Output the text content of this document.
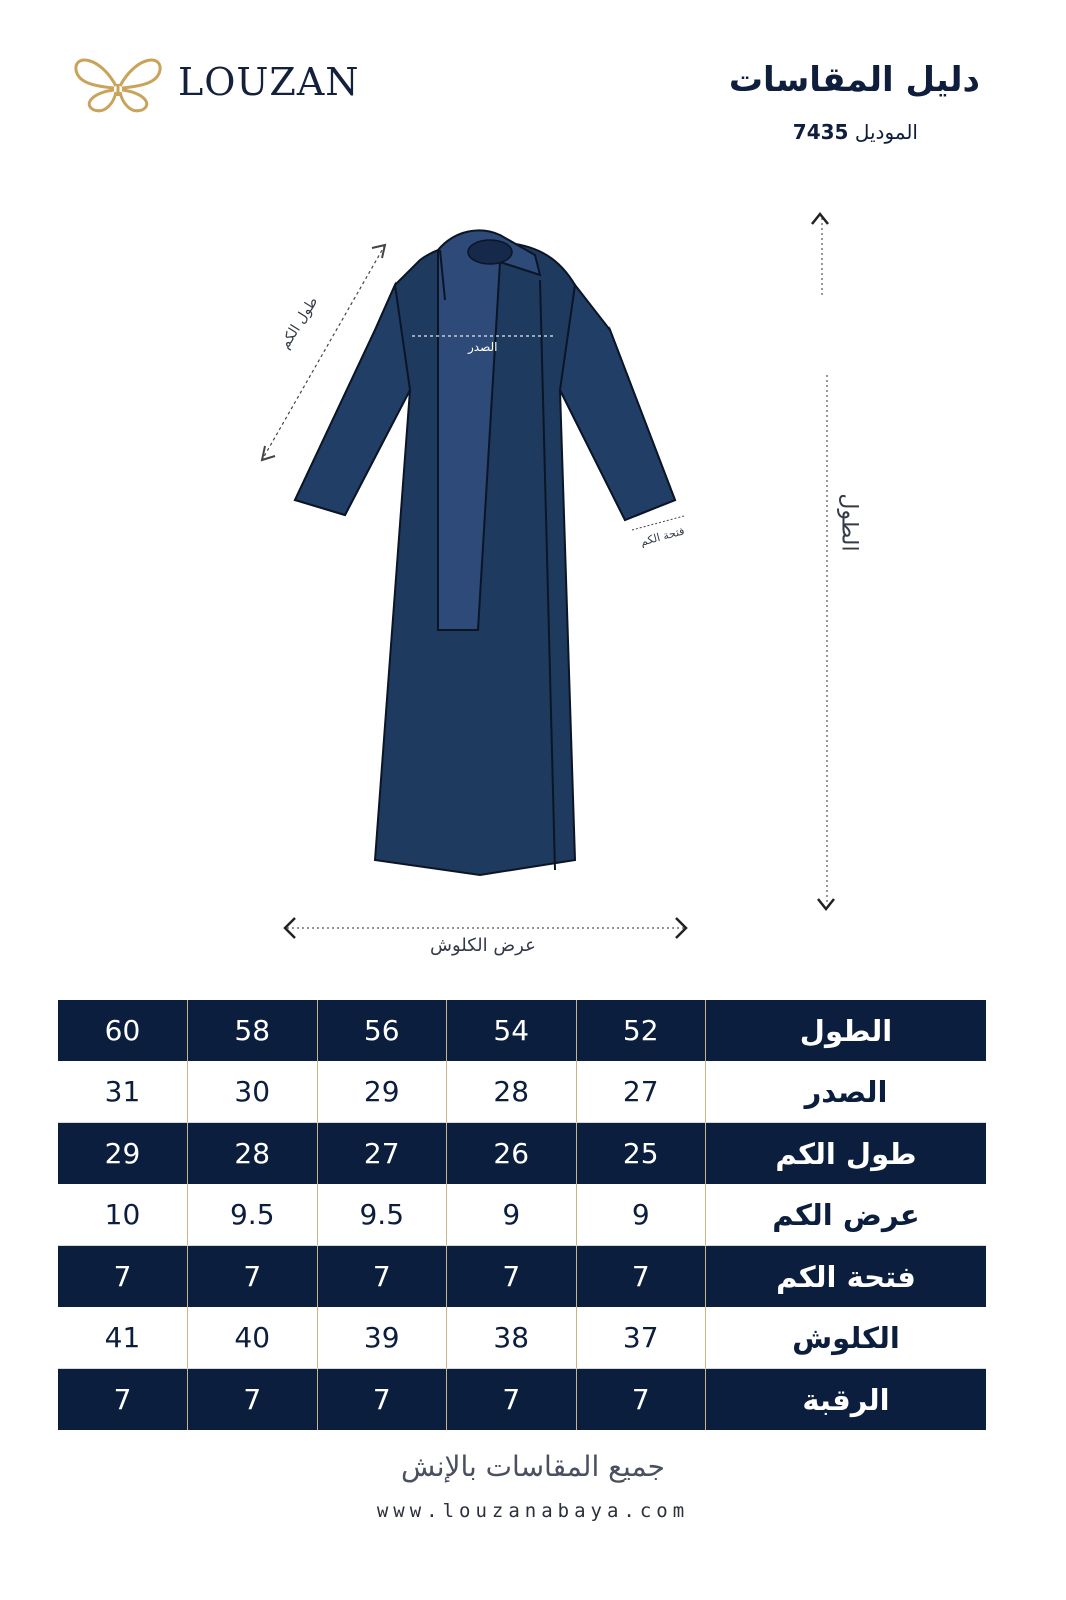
LOUZAN	دليل المقاسات
الموديل 7435
الصدر
طول الكم
فتحة الكم	الطول
عرض الكلوش
60	58	56	54	52	الطول
31	30	29	28	27	الصدر
29	28	27	26	25	طول الكم
10	9.5	9.5	9	9	عرض الكم
7	7	7	7	7	فتحة الكم
41	40	39	38	37	الكلوش
7	7	7	7	7	الرقبة
جميع المقاسات بالإنش
www.louzanabaya.com
